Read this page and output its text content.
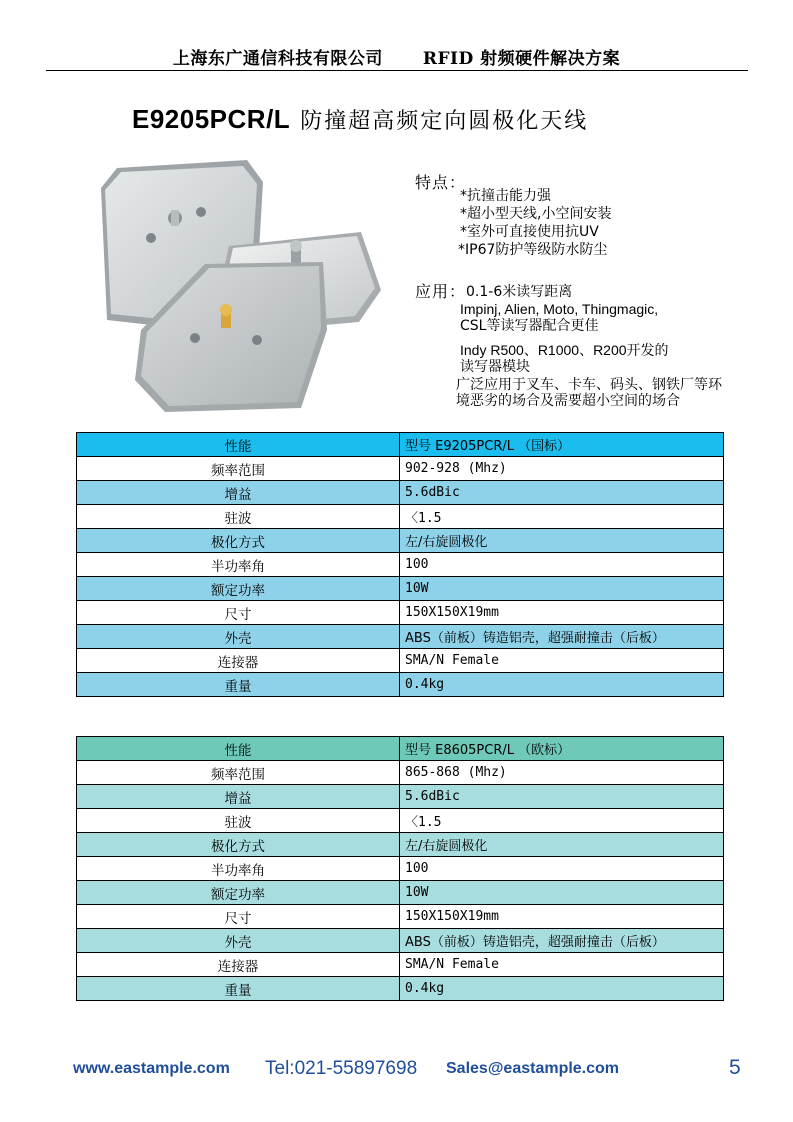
上海东广通信科技有限公司 RFID 射频硬件解决方案
E9205PCR/L 防撞超高频定向圆极化天线
特点：
*抗撞击能力强
*超小型天线,小空间安装
*室外可直接使用抗UV
*IP67防护等级防水防尘
应用： 0.1-6米读写距离
Impinj, Alien, Moto, Thingmagic,
CSL等读写器配合更佳
Indy R500、R1000、R200开发的
读写器模块
广泛应用于叉车、卡车、码头、钢铁厂等环境恶劣的场合及需要超小空间的场合
性能	型号 E9205PCR/L （国标）
频率范围	902-928 (Mhz)
增益	5.6dBic
驻波	〈1.5
极化方式	左/右旋圆极化
半功率角	100
额定功率	10W
尺寸	150X150X19mm
外壳	ABS（前板）铸造铝壳，超强耐撞击（后板）
连接器	SMA/N Female
重量	0.4kg
性能	型号 E8605PCR/L （欧标）
频率范围	865-868 (Mhz)
增益	5.6dBic
驻波	〈1.5
极化方式	左/右旋圆极化
半功率角	100
额定功率	10W
尺寸	150X150X19mm
外壳	ABS（前板）铸造铝壳，超强耐撞击（后板）
连接器	SMA/N Female
重量	0.4kg
www.eastample.com Tel:021-55897698 Sales@eastample.com	5
